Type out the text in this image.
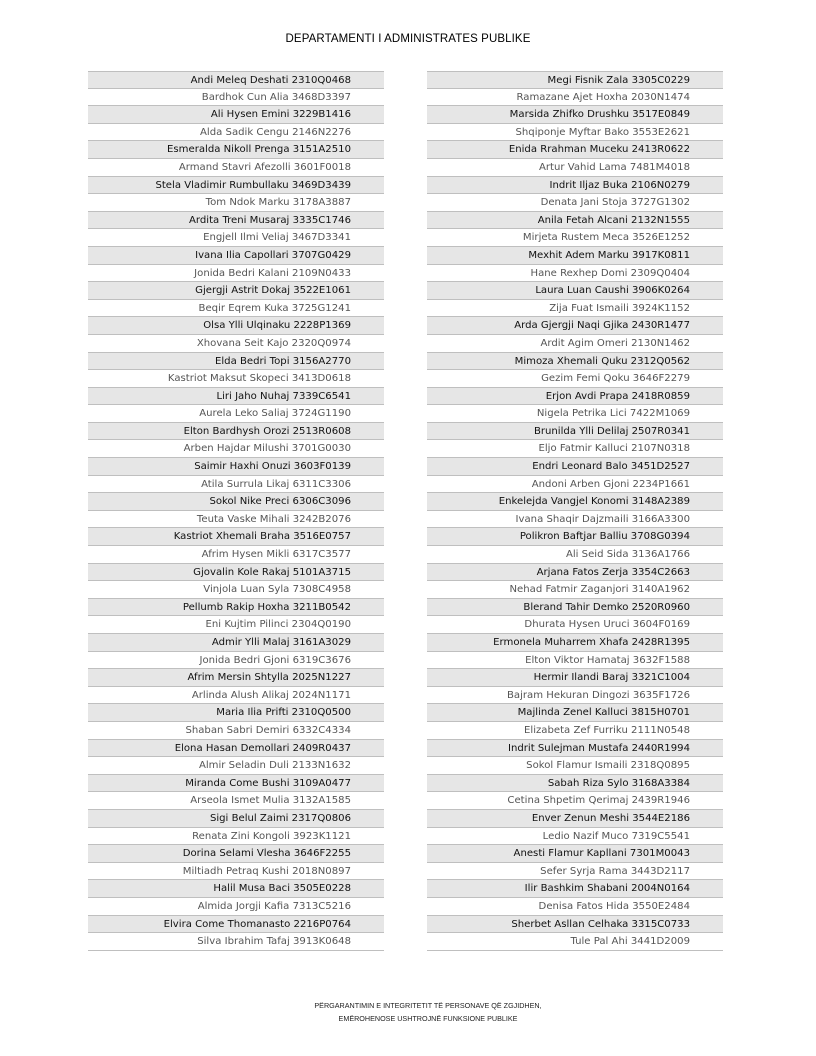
DEPARTAMENTI I ADMINISTRATES PUBLIKE
Andi Meleq Deshati 2310Q0468
Bardhok Cun Alia 3468D3397
Ali Hysen Emini 3229B1416
Alda Sadik Cengu 2146N2276
Esmeralda Nikoll Prenga 3151A2510
Armand Stavri Afezolli 3601F0018
Stela Vladimir Rumbullaku 3469D3439
Tom Ndok Marku 3178A3887
Ardita Treni Musaraj 3335C1746
Engjell Ilmi Veliaj 3467D3341
Ivana Ilia Capollari 3707G0429
Jonida Bedri Kalani 2109N0433
Gjergji Astrit Dokaj 3522E1061
Beqir Eqrem Kuka 3725G1241
Olsa Ylli Ulqinaku 2228P1369
Xhovana Seit Kajo 2320Q0974
Elda Bedri Topi 3156A2770
Kastriot Maksut Skopeci 3413D0618
Liri Jaho Nuhaj 7339C6541
Aurela Leko Saliaj 3724G1190
Elton Bardhysh Orozi 2513R0608
Arben Hajdar Milushi 3701G0030
Saimir Haxhi Onuzi 3603F0139
Atila Surrula Likaj 6311C3306
Sokol Nike Preci 6306C3096
Teuta Vaske Mihali 3242B2076
Kastriot Xhemali Braha 3516E0757
Afrim Hysen Mikli 6317C3577
Gjovalin Kole Rakaj 5101A3715
Vinjola Luan Syla 7308C4958
Pellumb Rakip Hoxha 3211B0542
Eni Kujtim Pilinci 2304Q0190
Admir Ylli Malaj 3161A3029
Jonida Bedri Gjoni 6319C3676
Afrim Mersin Shtylla 2025N1227
Arlinda Alush Alikaj 2024N1171
Maria Ilia Prifti 2310Q0500
Shaban Sabri Demiri 6332C4334
Elona Hasan Demollari 2409R0437
Almir Seladin Duli 2133N1632
Miranda Come Bushi 3109A0477
Arseola Ismet Mulia 3132A1585
Sigi Belul Zaimi 2317Q0806
Renata Zini Kongoli 3923K1121
Dorina Selami Vleshа 3646F2255
Miltiadh Petraq Kushi 2018N0897
Halil Musa Baci 3505E0228
Almida Jorgji Kafia 7313C5216
Elvira Come Thomanasto 2216P0764
Silva Ibrahim Tafaj 3913K0648
Megi Fisnik Zala 3305C0229
Ramazane Ajet Hoxha 2030N1474
Marsida Zhifko Drushku 3517E0849
Shqiponje Myftar Bako 3553E2621
Enida Rrahman Muceku 2413R0622
Artur Vahid Lama 7481M4018
Indrit Iljaz Buka 2106N0279
Denata Jani Stoja 3727G1302
Anila Fetah Alcani 2132N1555
Mirjeta Rustem Meca 3526E1252
Mexhit Adem Marku 3917K0811
Hane Rexhep Domi 2309Q0404
Laura Luan Caushi 3906K0264
Zija Fuat Ismaili 3924K1152
Arda Gjergji Naqi Gjika 2430R1477
Ardit Agim Omeri 2130N1462
Mimoza Xhemali Quku 2312Q0562
Gezim Femi Qoku 3646F2279
Erjon Avdi Prapa 2418R0859
Nigela Petrika Lici 7422M1069
Brunilda Ylli Delilaj 2507R0341
Eljo Fatmir Kalluci 2107N0318
Endri Leonard Balo 3451D2527
Andoni Arben Gjoni 2234P1661
Enkelejda Vangjel Konomi 3148A2389
Ivana Shaqir Dajzmaili 3166A3300
Polikron Baftjar Balliu 3708G0394
Ali Seid Sida 3136A1766
Arjana Fatos Zerja 3354C2663
Nehad Fatmir Zaganjori 3140A1962
Blerand Tahir Demko 2520R0960
Dhurata Hysen Uruci 3604F0169
Ermonela Muharrem Xhafa 2428R1395
Elton Viktor Hamataj 3632F1588
Hermir Ilandi Baraj 3321C1004
Bajram Hekuran Dingozi 3635F1726
Majlinda Zenel Kalluci 3815H0701
Elizabeta Zef Furriku 2111N0548
Indrit Sulejman Mustafa 2440R1994
Sokol Flamur Ismaili 2318Q0895
Sabah Riza Sylo 3168A3384
Cetina Shpetim Qerimaj 2439R1946
Enver Zenun Meshi 3544E2186
Ledio Nazif Muco 7319C5541
Anesti Flamur Kapllani 7301M0043
Sefer Syrja Rama 3443D2117
Ilir Bashkim Shabani 2004N0164
Denisa Fatos Hida 3550E2484
Sherbet Asllan Celhaka 3315C0733
Tule Pal Ahi 3441D2009
PËRGARANTIMIN E INTEGRITETIT TË PERSONAVE QË ZGJIDHEN,
EMËROHENOSE USHTROJNË FUNKSIONE PUBLIKE
